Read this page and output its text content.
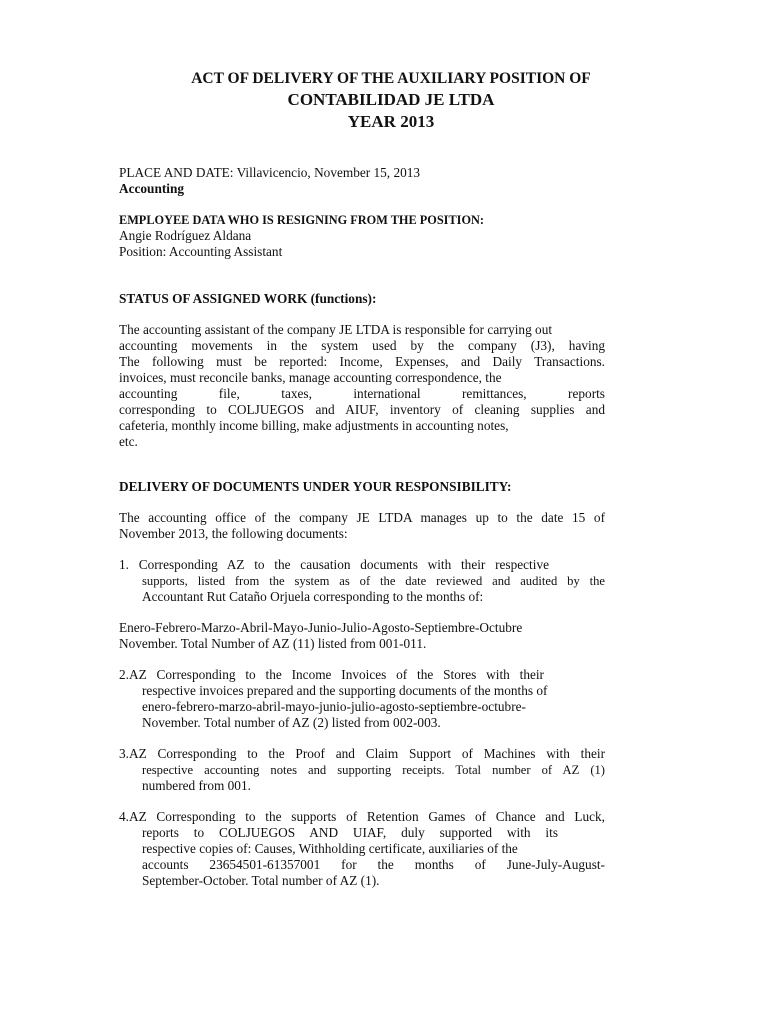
ACT OF DELIVERY OF THE AUXILIARY POSITION OF
CONTABILIDAD JE LTDA
YEAR 2013
PLACE AND DATE: Villavicencio, November 15, 2013
Accounting
EMPLOYEE DATA WHO IS RESIGNING FROM THE POSITION:
Angie Rodríguez Aldana
Position: Accounting Assistant
STATUS OF ASSIGNED WORK (functions):
The accounting assistant of the company JE LTDA is responsible for carrying out
accounting movements in the system used by the company (J3), having
The following must be reported: Income, Expenses, and Daily Transactions.
invoices, must reconcile banks, manage accounting correspondence, the
accounting file, taxes, international remittances, reports
corresponding to COLJUEGOS and AIUF, inventory of cleaning supplies and
cafeteria, monthly income billing, make adjustments in accounting notes,
etc.
DELIVERY OF DOCUMENTS UNDER YOUR RESPONSIBILITY:
The accounting office of the company JE LTDA manages up to the date 15 of
November 2013, the following documents:
1. Corresponding AZ to the causation documents with their respective
supports, listed from the system as of the date reviewed and audited by the
Accountant Rut Cataño Orjuela corresponding to the months of:
Enero-Febrero-Marzo-Abril-Mayo-Junio-Julio-Agosto-Septiembre-Octubre
November. Total Number of AZ (11) listed from 001-011.
2.AZ Corresponding to the Income Invoices of the Stores with their
respective invoices prepared and the supporting documents of the months of
enero-febrero-marzo-abril-mayo-junio-julio-agosto-septiembre-octubre-
November. Total number of AZ (2) listed from 002-003.
3.AZ Corresponding to the Proof and Claim Support of Machines with their
respective accounting notes and supporting receipts. Total number of AZ (1)
numbered from 001.
4.AZ Corresponding to the supports of Retention Games of Chance and Luck,
reports to COLJUEGOS AND UIAF, duly supported with its
respective copies of: Causes, Withholding certificate, auxiliaries of the
accounts 23654501-61357001 for the months of June-July-August-
September-October. Total number of AZ (1).
